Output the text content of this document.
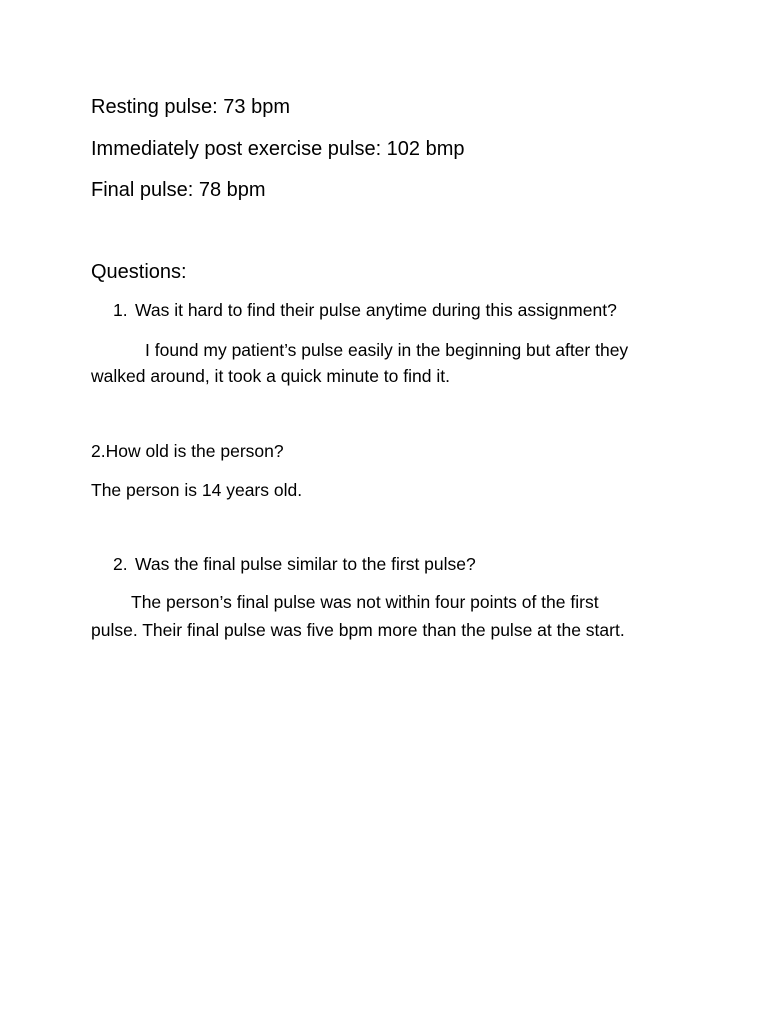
Resting pulse: 73 bpm
Immediately post exercise pulse: 102 bmp
Final pulse: 78 bpm
Questions:
1. Was it hard to find their pulse anytime during this assignment?
I found my patient’s pulse easily in the beginning but after they
walked around, it took a quick minute to find it.
2.How old is the person?
The person is 14 years old.
2. Was the final pulse similar to the first pulse?
The person’s final pulse was not within four points of the first
pulse. Their final pulse was five bpm more than the pulse at the start.
